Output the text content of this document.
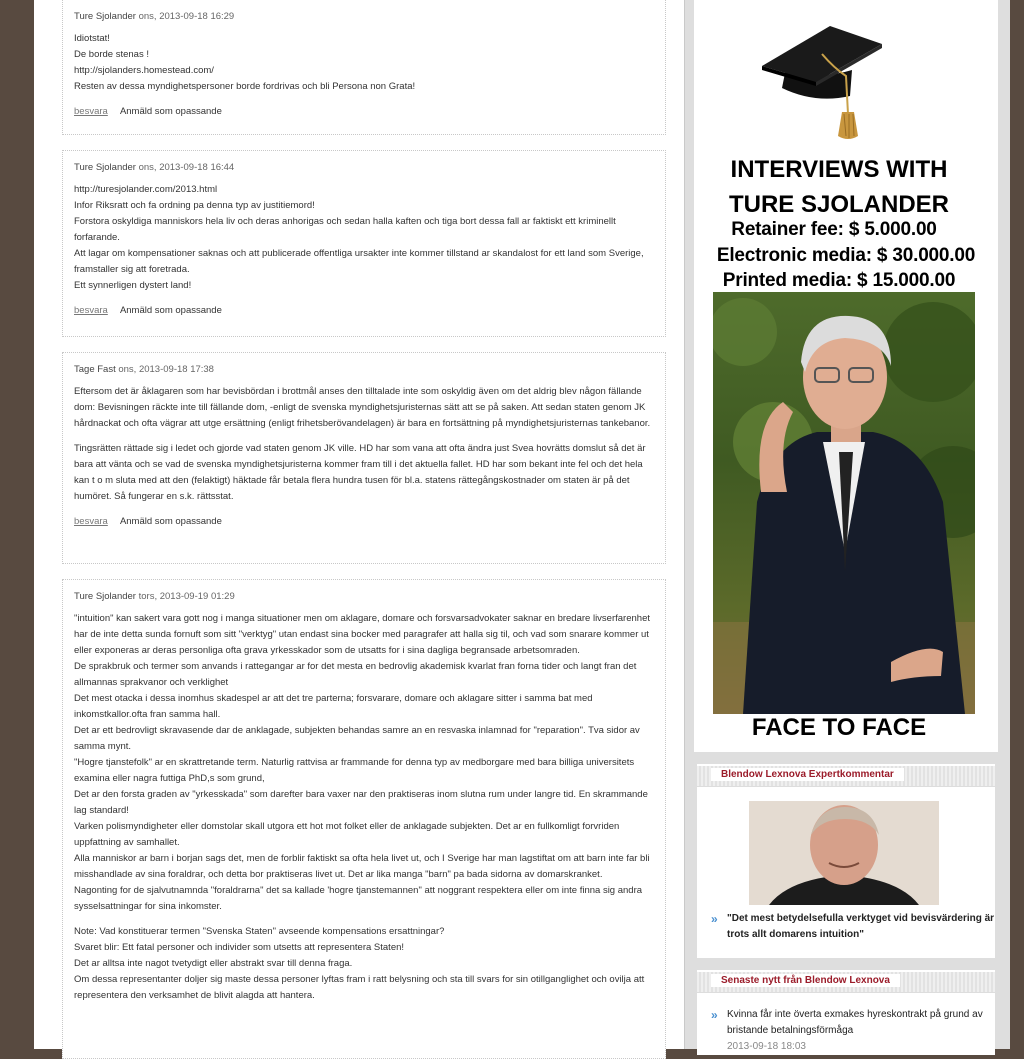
Ture Sjolander ons, 2013-09-18 16:29

Idiotstat!
De borde stenas !
http://sjolanders.homestead.com/
Resten av dessa myndighetspersoner borde fordrivas och bli Persona non Grata!

besvara Anmäld som opassande
Ture Sjolander ons, 2013-09-18 16:44

http://turesjolander.com/2013.html
Infor Riksratt och fa ordning pa denna typ av justitiemord!
Forstora oskyldiga manniskors hela liv och deras anhorigas och sedan halla kaften och tiga bort dessa fall ar faktiskt ett kriminellt forfarande.
Att lagar om kompensationer saknas och att publicerade offentliga ursakter inte kommer tillstand ar skandalost for ett land som Sverige, framstaller sig att foretrada.
Ett synnerligen dystert land!

besvara Anmäld som opassande
Tage Fast ons, 2013-09-18 17:38

Eftersom det är åklagaren som har bevisbördan i brottmål anses den tilltalade inte som oskyldig även om det aldrig blev någon fällande dom: Bevisningen räckte inte till fällande dom, -enligt de svenska myndighetsjuristernas sätt att se på saken. Att sedan staten genom JK hårdnackat och ofta vägrar att utge ersättning (enligt frihetsberövandelagen) är bara en fortsättning på myndighetsjuristernas tankebanor.

Tingsrätten rättade sig i ledet och gjorde vad staten genom JK ville. HD har som vana att ofta ändra just Svea hovrätts domslut så det är bara att vänta och se vad de svenska myndighetsjuristerna kommer fram till i det aktuella fallet. HD har som bekant inte fel och det hela kan t o m sluta med att den (felaktigt) häktade får betala flera hundra tusen för bl.a. statens rättegångskostnader om staten är på det humöret. Så fungerar en s.k. rättsstat.

besvara Anmäld som opassande
Ture Sjolander tors, 2013-09-19 01:29

"intuition" kan sakert vara gott nog i manga situationer men om aklagare, domare och forsvarsadvokater saknar en bredare livserfarenhet har de inte detta sunda fornuft som sitt "verktyg" utan endast sina bocker med paragrafer att halla sig til, och vad som snarare kommer ut eller exponeras ar deras personliga ofta grava yrkesskador som de utsatts for i sina dagliga begransade arbetsomraden.
De sprakbruk och termer som anvands i rattegangar ar for det mesta en bedrovlig akademisk kvarlat fran forna tider och langt fran det allmannas sprakvanor och verklighet
Det mest otacka i dessa inomhus skadespel ar att det tre parterna; forsvarare, domare och aklagare sitter i samma bat med inkomstkallor.ofta fran samma hall.
Det ar ett bedrovligt skravasende dar de anklagade, subjekten behandas samre an en resvaska inlamnad for "reparation". Tva sidor av samma mynt.
"Hogre tjanstefolk" ar en skrattretande term. Naturlig rattvisa ar frammande for denna typ av medborgare med bara billiga universitets examina eller nagra futtiga PhD,s som grund,
Det ar den forsta graden av "yrkesskada" som darefter bara vaxer nar den praktiseras inom slutna rum under langre tid. En skrammande lag standard!
Varken polismyndigheter eller domstolar skall utgora ett hot mot folket eller de anklagade subjekten. Det ar en fullkomligt forvriden uppfattning av samhallet.
Alla manniskor ar barn i borjan sags det, men de forblir faktiskt sa ofta hela livet ut, och I Sverige har man lagstiftat om att barn inte far bli misshandlade av sina foraldrar, och detta bor praktiseras livet ut. Det ar lika manga "barn" pa bada sidorna av domarskranket.
Nagonting for de sjalvutnamnda "foraldrarna" det sa kallade 'hogre tjanstemannen" att noggrant respektera eller om inte finna sig andra sysselsattningar for sina inkomster.

Note: Vad konstituerar termen "Svenska Staten" avseende kompensations ersattningar?
Svaret blir: Ett fatal personer och individer som utsetts att representera Staten!
Det ar alltsa inte nagot tvetydigt eller abstrakt svar till denna fraga.
Om dessa representanter doljer sig maste dessa personer lyftas fram i ratt belysning och sta till svars for sin otillganglighet och ovilja att representera den verksamhet de blivit alagda att hantera.

INTERVIEWS WITH
TURE SJOLANDER
Retainer fee: $ 5.000.00
Electronic media: $ 30.000.00
Printed media: $ 15.000.00
FACE TO FACE
Blendow Lexnova Expertkommentar
» "Det mest betydelsefulla verktyget vid bevisvärdering är trots allt domarens intuition"
Senaste nytt från Blendow Lexnova
» Kvinna får inte överta exmakes hyreskontrakt på grund av bristande betalningsförmåga
2013-09-18 18:03
